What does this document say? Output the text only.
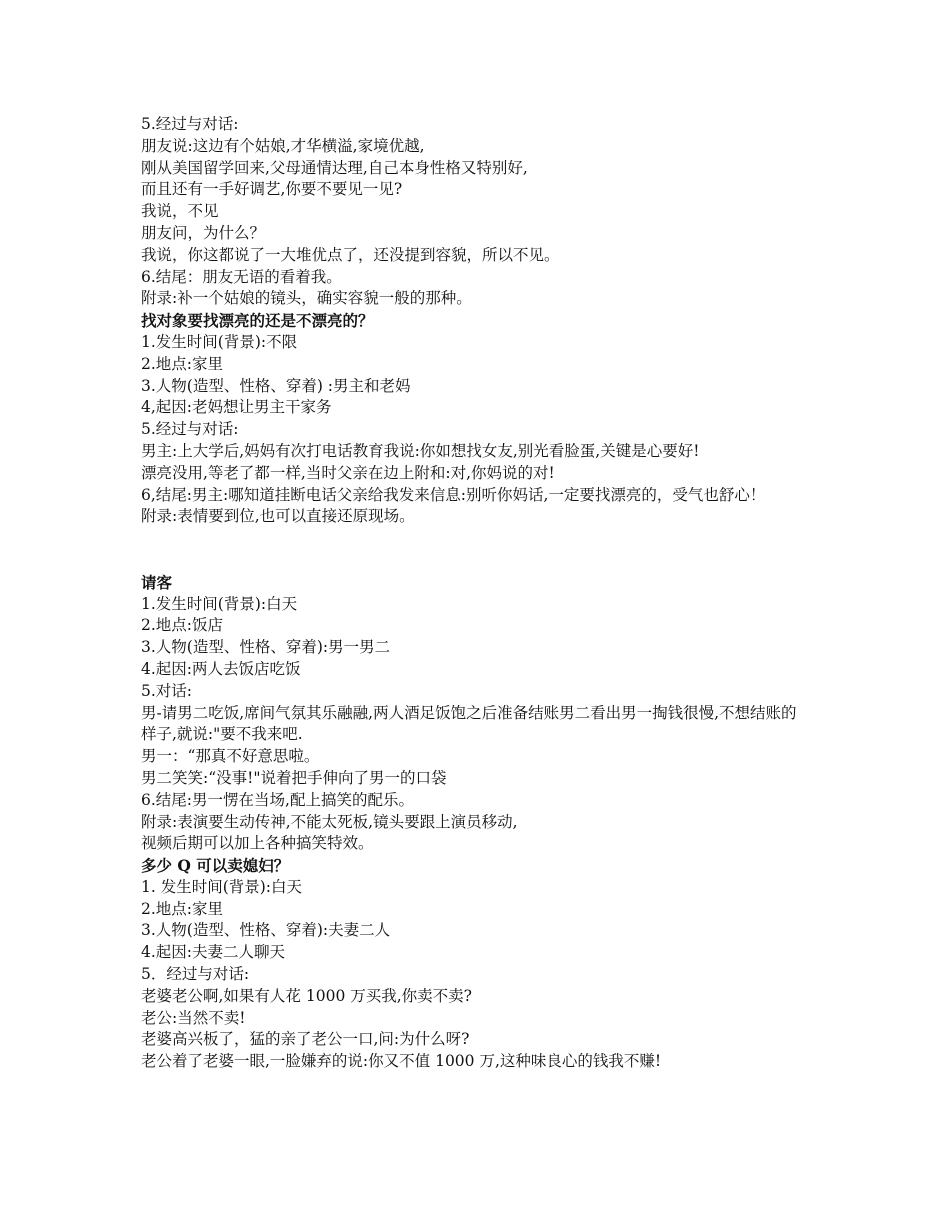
5.经过与对话:
朋友说:这边有个姑娘,才华横溢,家境优越,
刚从美国留学回来,父母通情达理,自己本身性格又特别好,
而且还有一手好调艺,你要不要见一见?
我说，不见
朋友问，为什么？
我说，你这都说了一大堆优点了，还没提到容貌，所以不见。
6.结尾：朋友无语的看着我。
附录:补一个姑娘的镜头，确实容貌一般的那种。
找对象要找漂亮的还是不漂亮的？
1.发生时间(背景):不限
2.地点:家里
3.人物(造型、性格、穿着) :男主和老妈
4,起因:老妈想让男主干家务
5.经过与对话:
男主:上大学后,妈妈有次打电话教育我说:你如想找女友,别光看脸蛋,关键是心要好!
漂亮没用,等老了都一样,当时父亲在边上附和:对,你妈说的对!
6,结尾:男主:哪知道挂断电话父亲给我发来信息:别听你妈话,一定要找漂亮的，受气也舒心！
附录:表情要到位,也可以直接还原现场。
请客
1.发生时间(背景):白天
2.地点:饭店
3.人物(造型、性格、穿着):男一男二
4.起因:两人去饭店吃饭
5.对话:
男-请男二吃饭,席间气氛其乐融融,两人酒足饭饱之后准备结账男二看出男一掏钱很慢,不想结账的样子,就说:"要不我来吧.
男一：“那真不好意思啦。
男二笑笑:“没事!"说着把手伸向了男一的口袋
6.结尾:男一愣在当场,配上搞笑的配乐。
附录:表演要生动传神,不能太死板,镜头要跟上演员移动,
视频后期可以加上各种搞笑特效。
多少 Q 可以卖媳妇？
1. 发生时间(背景):白天
2.地点:家里
3.人物(造型、性格、穿着):夫妻二人
4.起因:夫妻二人聊天
5．经过与对话:
老婆老公啊,如果有人花 1000 万买我,你卖不卖?
老公:当然不卖!
老婆高兴板了，猛的亲了老公一口,问:为什么呀?
老公着了老婆一眼,一脸嫌弃的说:你又不值 1000 万,这种味良心的钱我不赚!
